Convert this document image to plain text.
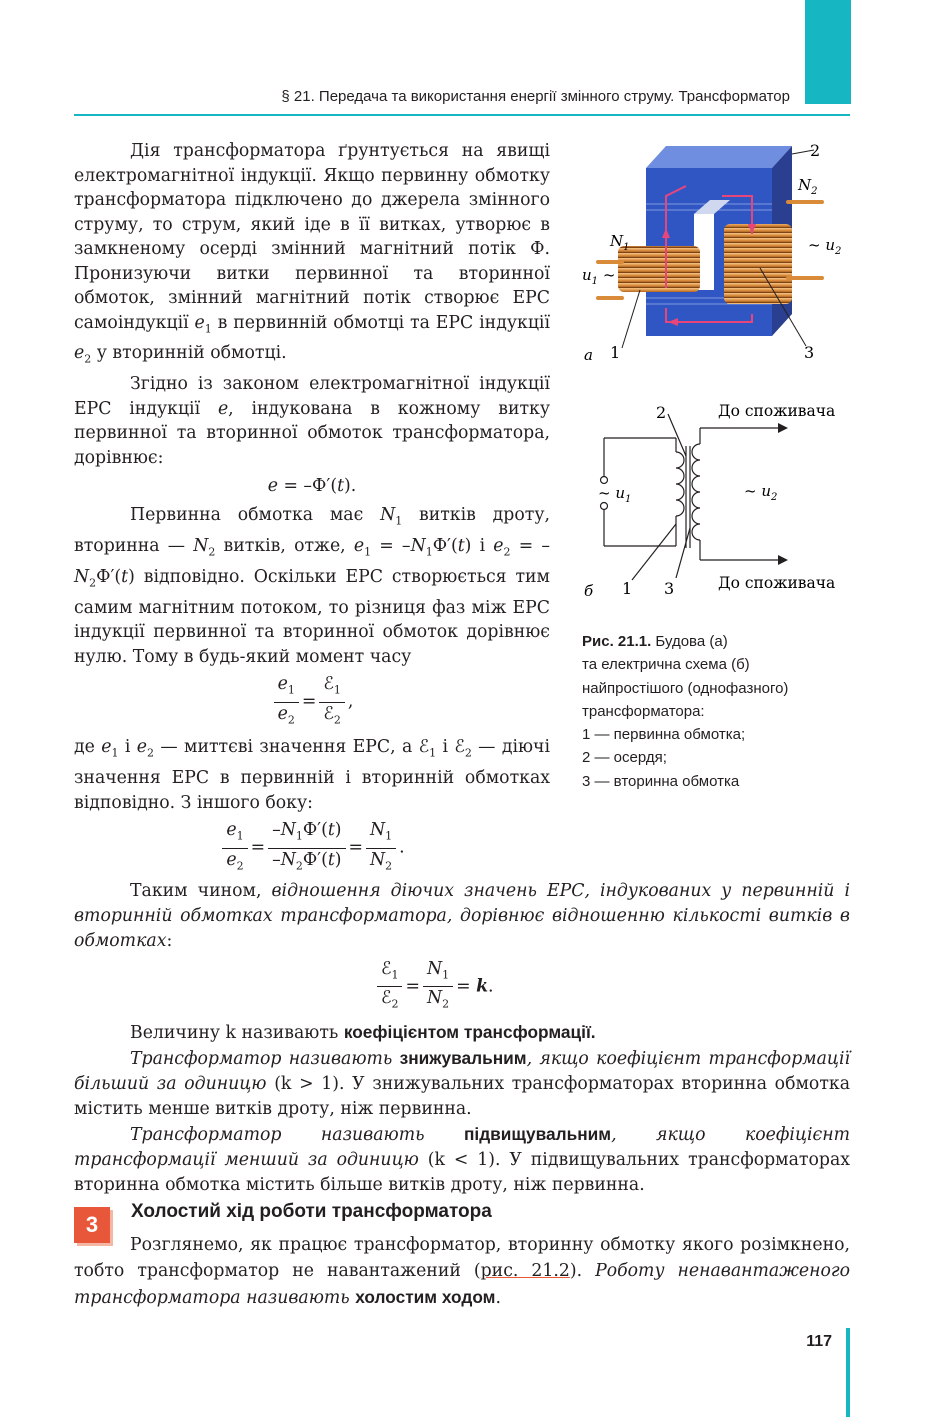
§ 21. Передача та використання енергії змінного струму. Трансформатор

Дія трансформатора ґрунтується на явищі електромагнітної індукції. Якщо первинну обмотку трансформатора підключено до джерела змінного струму, то струм, який іде в її витках, утворює в замкненому осерді змінний магнітний потік Ф. Пронизуючи витки первинної та вторинної обмоток, змінний магнітний потік створює ЕРС самоіндукції $e_1$ в первинній обмотці та ЕРС індукції $e_2$ у вторинній обмотці.

Згідно із законом електромагнітної індукції ЕРС індукції e, індукована в кожному витку первинної та вторинної обмоток трансформатора, дорівнює:

e = –Ф′(t).

Первинна обмотка має $N_1$ витків дроту, вторинна — $N_2$ витків, отже, $e_1 = -N_1Ф'(t)$ і $e_2 = -N_2Ф'(t)$ відповідно. Оскільки ЕРС створюється тим самим магнітним потоком, то різниця фаз між ЕРС індукції первинної та вторинної обмоток дорівнює нулю. Тому в будь-який момент часу

$\frac{e_1}{e_2} = \frac{ℰ_1}{ℰ_2}$ ,

де $e_1$ і $e_2$ — миттєві значення ЕРС, а ℰ$_1$ і ℰ$_2$ — діючі значення ЕРС в первинній і вторинній обмотках відповідно. З іншого боку:

$\frac{e_1}{e_2} = \frac{-N_1Ф'(t)}{-N_2Ф'(t)} = \frac{N_1}{N_2}$ .
2
$N_2$
$N_1$	~ $u_2$
$u_1$ ~
а 1	3
~ $u_1$	~ $u_2$
До споживача
До споживача
2
1 3
б
Рис. 21.1. Будова (а)
та електрична схема (б)
найпростішого (однофазного)
трансформатора:
1 — первинна обмотка;
2 — осердя;
3 — вторинна обмотка

Таким чином, відношення діючих значень ЕРС, індукованих у первинній і вторинній обмотках трансформатора, дорівнює відношенню кількості витків в обмотках:

$\frac{ℰ_1}{ℰ_2} = \frac{N_1}{N_2} = k$.

Величину k називають коефіцієнтом трансформації.

Трансформатор називають знижувальним, якщо коефіцієнт трансформації більший за одиницю (k > 1). У знижувальних трансформаторах вторинна обмотка містить менше витків дроту, ніж первинна.

Трансформатор називають підвищувальним, якщо коефіцієнт трансформації менший за одиницю (k < 1). У підвищувальних трансформаторах вторинна обмотка містить більше витків дроту, ніж первинна.

3
Холостий хід роботи трансформатора

Розглянемо, як працює трансформатор, вторинну обмотку якого розімкнено, тобто трансформатор не навантажений (рис. 21.2). Роботу ненавантаженого трансформатора називають холостим ходом.

117
